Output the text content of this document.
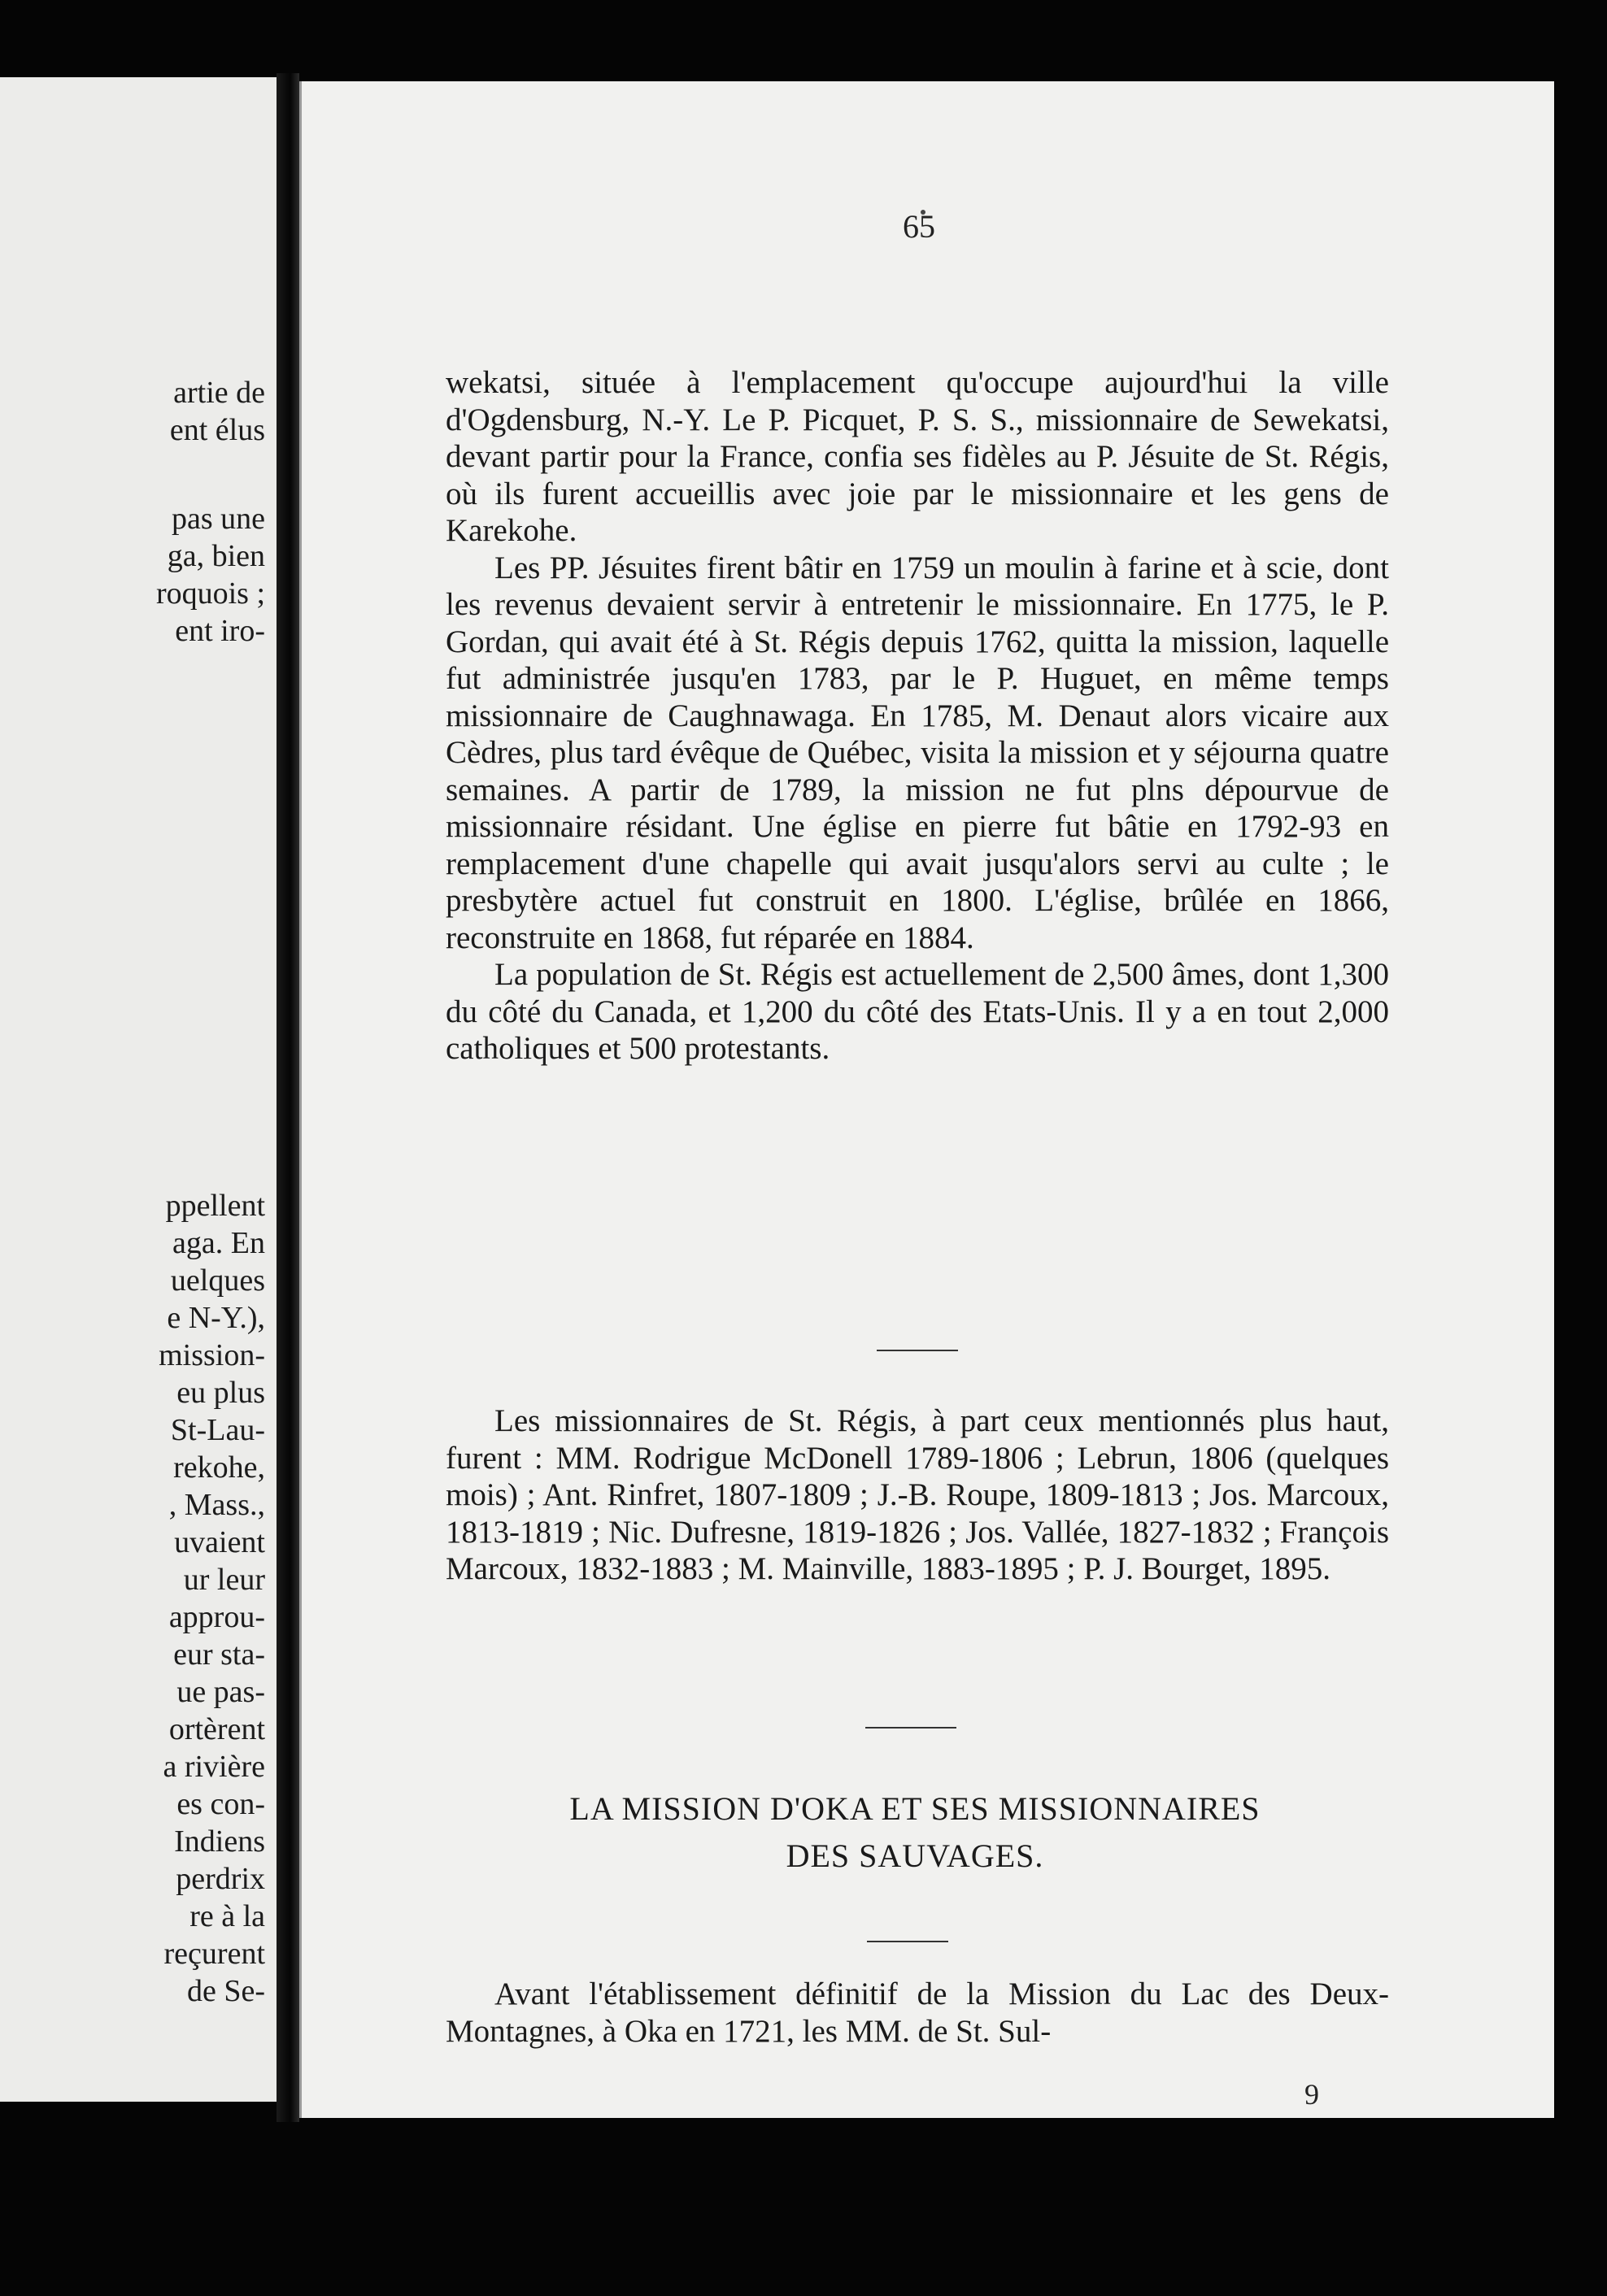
artie de
ent élus
pas une
ga, bien
roquois ;
ent iro-
ppellent
aga. En
uelques
e N-Y.),
mission-
eu plus
St-Lau-
rekohe,
, Mass.,
uvaient
ur leur
approu-
eur sta-
ue pas-
ortèrent
a rivière
es con-
Indiens
perdrix
re à la
reçurent
de Se-
65

wekatsi, située à l'emplacement qu'occupe aujourd'hui la ville d'Ogdensburg, N.-Y. Le P. Picquet, P. S. S., missionnaire de Sewekatsi, devant partir pour la France, confia ses fidèles au P. Jésuite de St. Régis, où ils furent accueillis avec joie par le missionnaire et les gens de Karekohe.

Les PP. Jésuites firent bâtir en 1759 un moulin à farine et à scie, dont les revenus devaient servir à entretenir le missionnaire. En 1775, le P. Gordan, qui avait été à St. Régis depuis 1762, quitta la mission, laquelle fut administrée jusqu'en 1783, par le P. Huguet, en même temps missionnaire de Caughnawaga. En 1785, M. Denaut alors vicaire aux Cèdres, plus tard évêque de Québec, visita la mission et y séjourna quatre semaines. A partir de 1789, la mission ne fut plns dépourvue de missionnaire résidant. Une église en pierre fut bâtie en 1792-93 en remplacement d'une chapelle qui avait jusqu'alors servi au culte ; le presbytère actuel fut construit en 1800. L'église, brûlée en 1866, reconstruite en 1868, fut réparée en 1884.

La population de St. Régis est actuellement de 2,500 âmes, dont 1,300 du côté du Canada, et 1,200 du côté des Etats-Unis. Il y a en tout 2,000 catholiques et 500 protestants.

Les missionnaires de St. Régis, à part ceux mentionnés plus haut, furent : MM. Rodrigue McDonell 1789-1806 ; Lebrun, 1806 (quelques mois) ; Ant. Rinfret, 1807-1809 ; J.-B. Roupe, 1809-1813 ; Jos. Marcoux, 1813-1819 ; Nic. Dufresne, 1819-1826 ; Jos. Vallée, 1827-1832 ; François Marcoux, 1832-1883 ; M. Mainville, 1883-1895 ; P. J. Bourget, 1895.

LA MISSION D'OKA ET SES MISSIONNAIRES
DES SAUVAGES.

Avant l'établissement définitif de la Mission du Lac des Deux-Montagnes, à Oka en 1721, les MM. de St. Sul-

9
